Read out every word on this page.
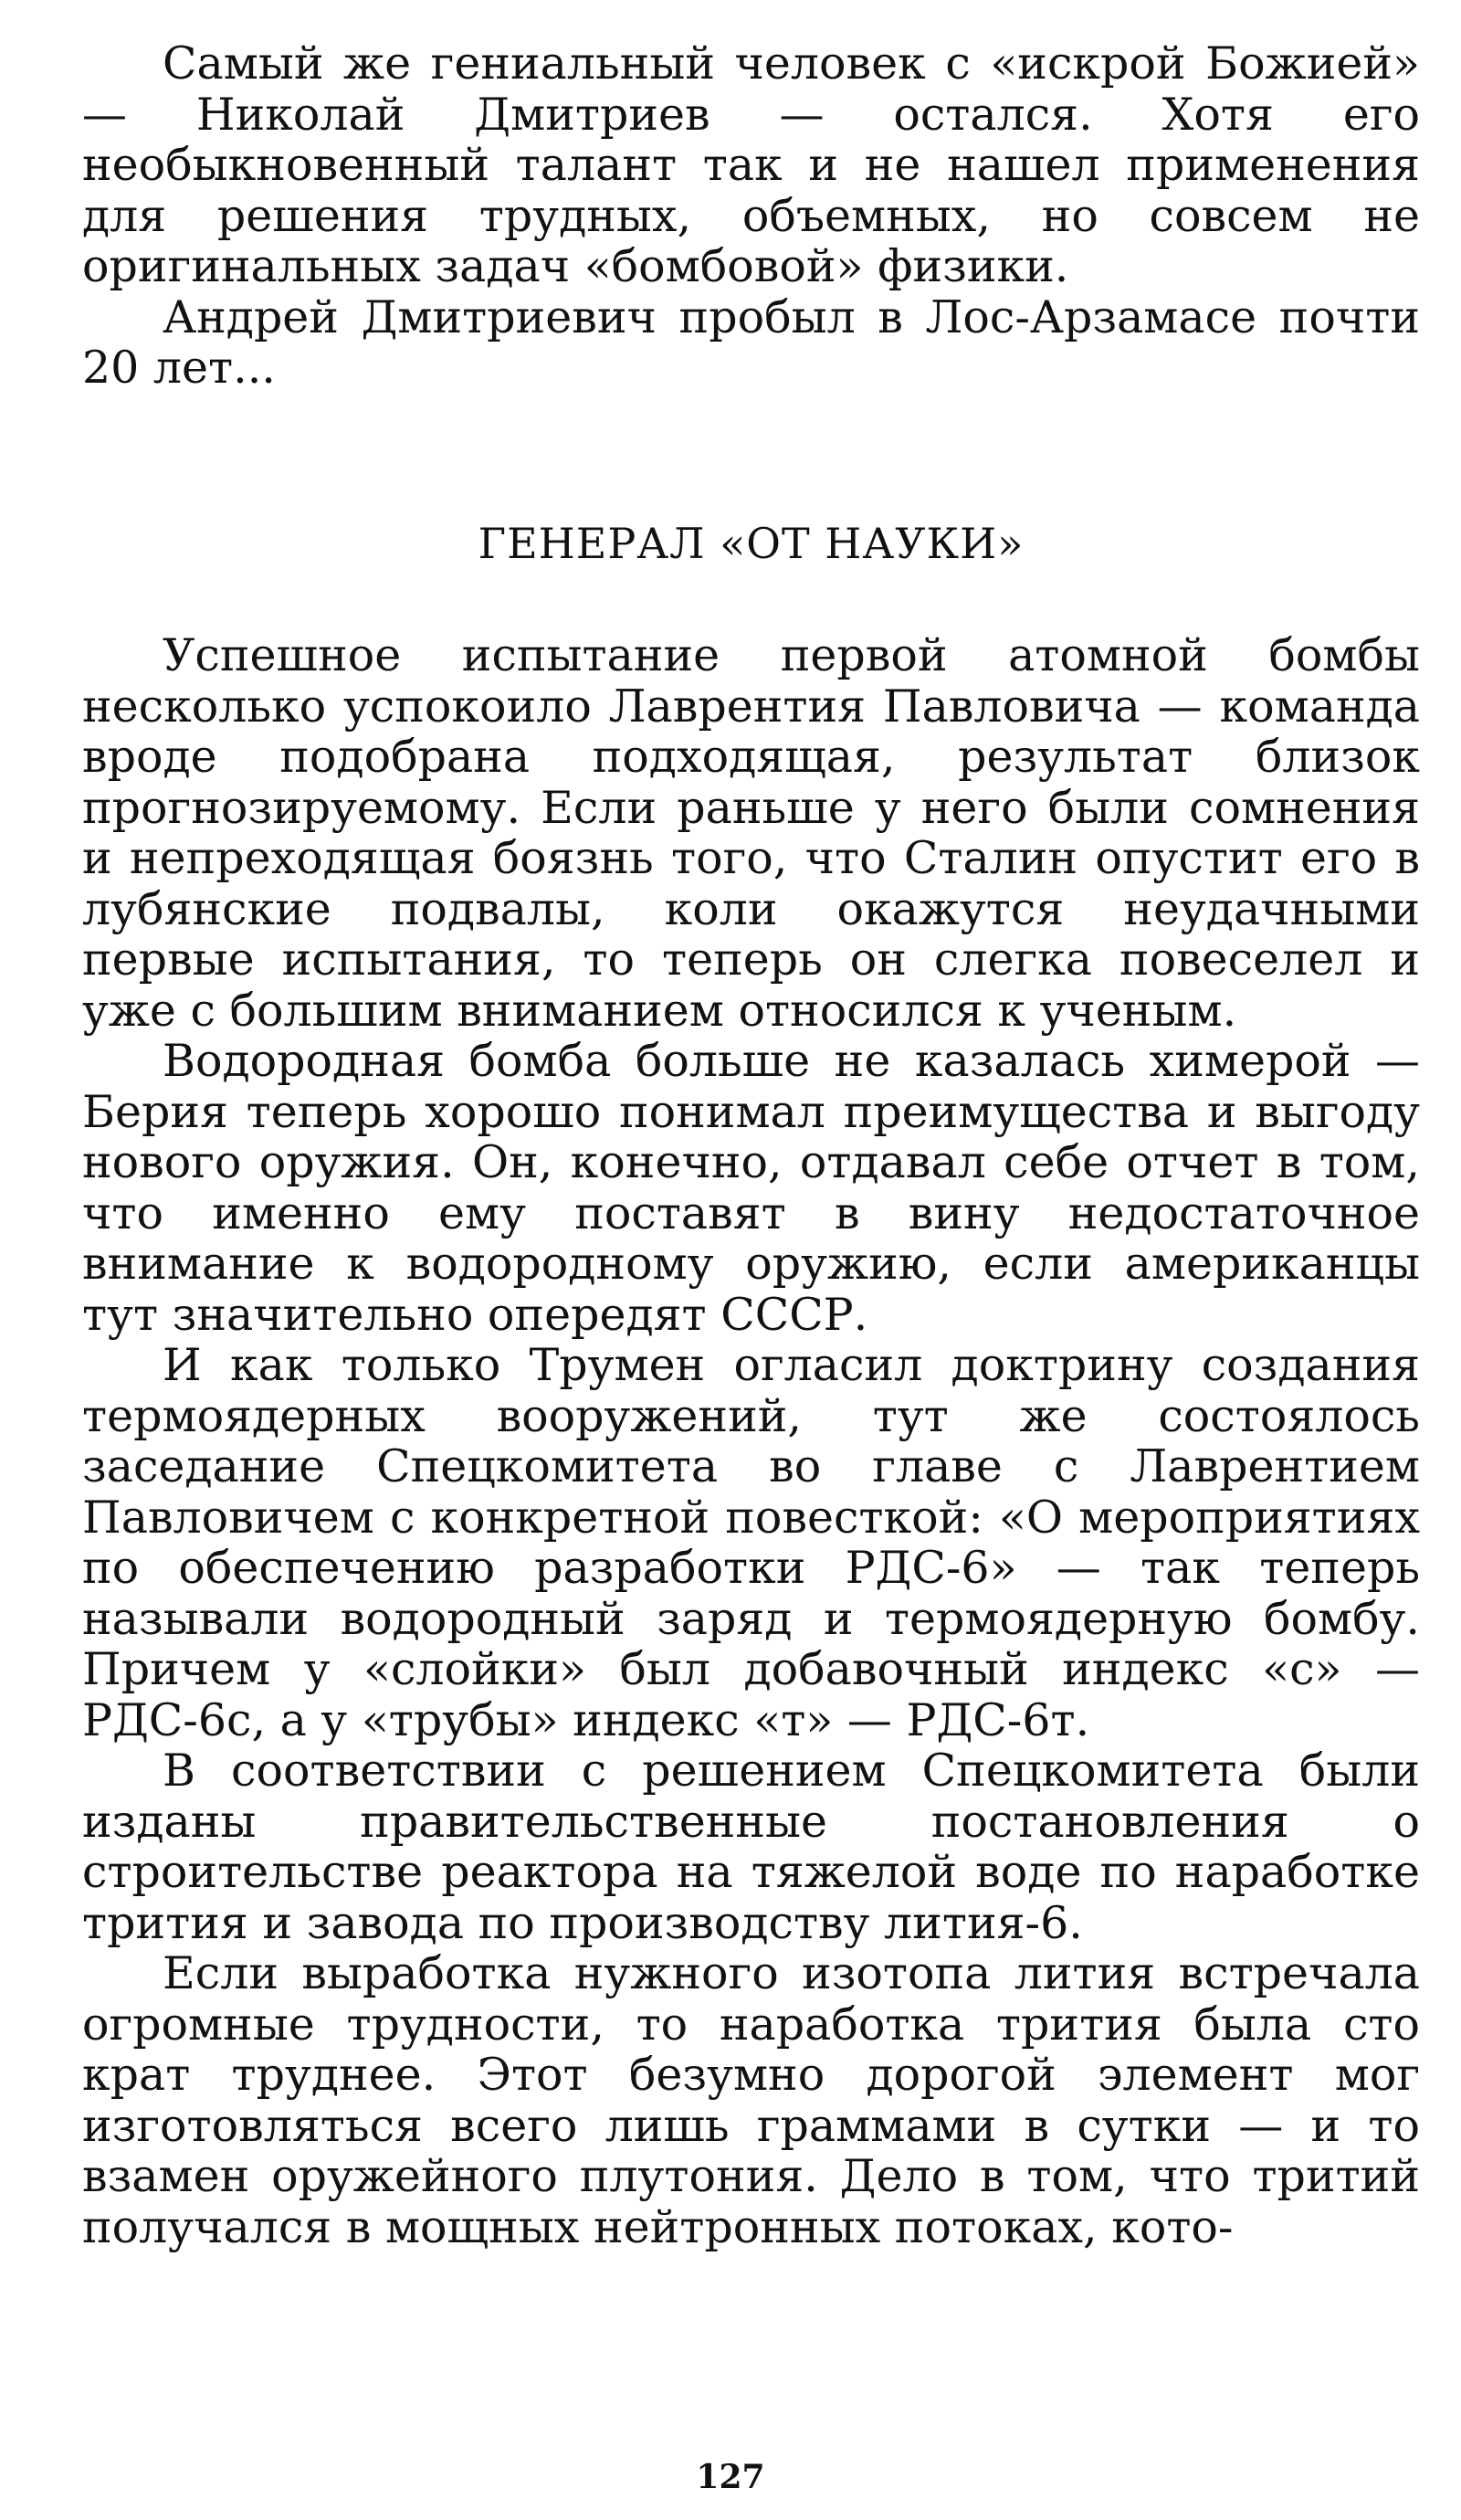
Самый же гениальный человек с «искрой Божией» — Николай Дмитриев — остался. Хотя его необыкновенный талант так и не нашел применения для решения трудных, объемных, но совсем не оригинальных задач «бомбовой» физики.

Андрей Дмитриевич пробыл в Лос-Арзамасе почти 20 лет...

ГЕНЕРАЛ «ОТ НАУКИ»

Успешное испытание первой атомной бомбы несколько успокоило Лаврентия Павловича — команда вроде подобрана подходящая, результат близок прогнозируемому. Если раньше у него были сомнения и непреходящая боязнь того, что Сталин опустит его в лубянские подвалы, коли окажутся неудачными первые испытания, то теперь он слегка повеселел и уже с большим вниманием относился к ученым.

Водородная бомба больше не казалась химерой — Берия теперь хорошо понимал преимущества и выгоду нового оружия. Он, конечно, отдавал себе отчет в том, что именно ему поставят в вину недостаточное внимание к водородному оружию, если американцы тут значительно опередят СССР.

И как только Трумен огласил доктрину создания термоядерных вооружений, тут же состоялось заседание Спецкомитета во главе с Лаврентием Павловичем с конкретной повесткой: «О мероприятиях по обеспечению разработки РДС-6» — так теперь называли водородный заряд и термоядерную бомбу. Причем у «слойки» был добавочный индекс «с» — РДС-6с, а у «трубы» индекс «т» — РДС-6т.

В соответствии с решением Спецкомитета были изданы правительственные постановления о строительстве реактора на тяжелой воде по наработке трития и завода по производству лития-6.

Если выработка нужного изотопа лития встречала огромные трудности, то наработка трития была сто крат труднее. Этот безумно дорогой элемент мог изготовляться всего лишь граммами в сутки — и то взамен оружейного плутония. Дело в том, что тритий получался в мощных нейтронных потоках, кото-

127
